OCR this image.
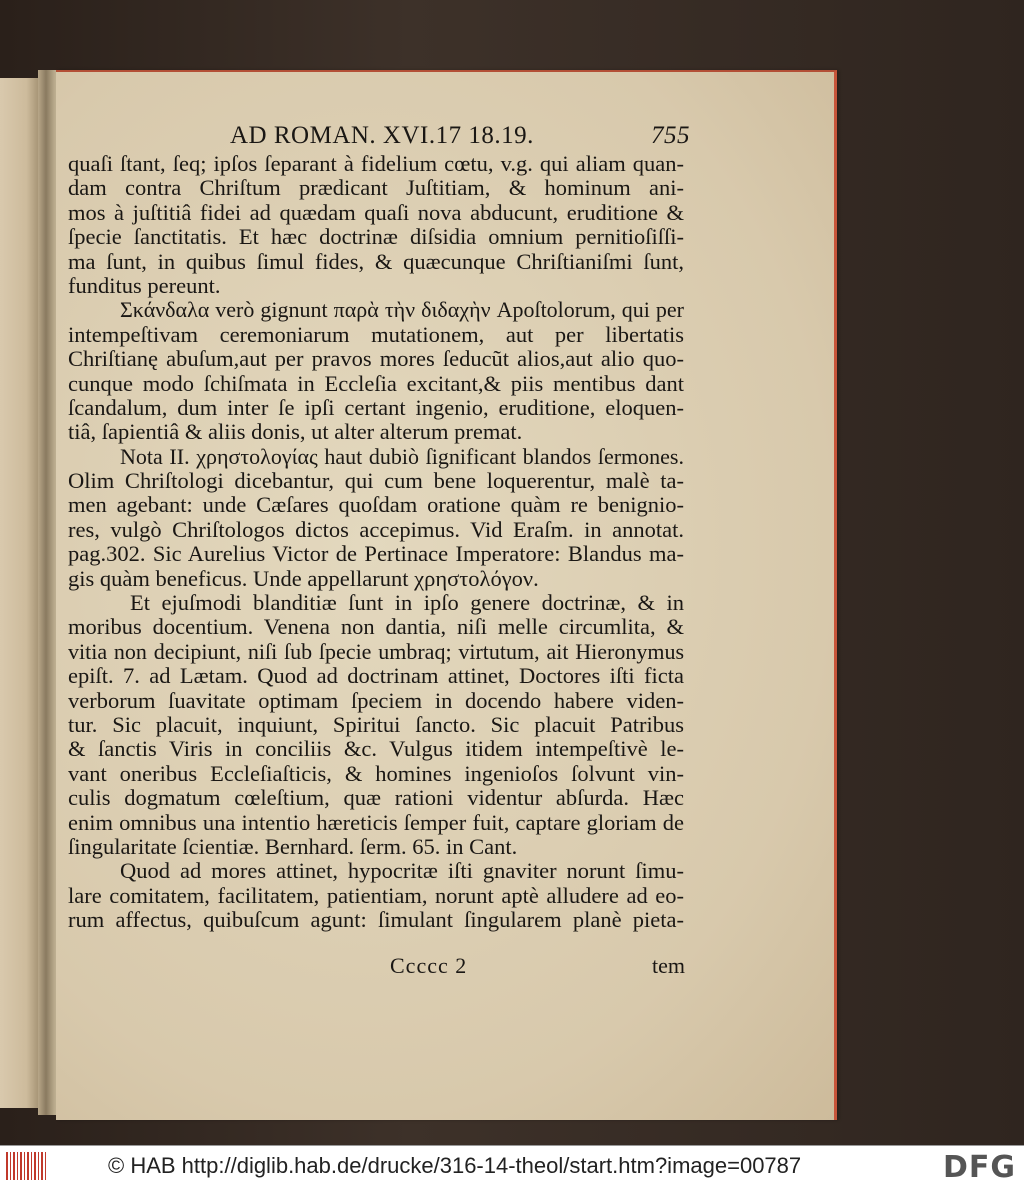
AD ROMAN. XVI.17 18.19.	755
quaſi ſtant, ſeq; ipſos ſeparant à fidelium cœtu, v.g. qui aliam quan-
dam contra Chriſtum prædicant Juſtitiam, & hominum ani-
mos à juſtitiâ fidei ad quædam quaſi nova abducunt, eruditione &
ſpecie ſanctitatis. Et hæc doctrinæ diſsidia omnium pernitioſiſſi-
ma ſunt, in quibus ſimul fides, & quæcunque Chriſtianiſmi ſunt,
funditus pereunt.
Σκάνδαλα verò gignunt παρὰ τὴν διδαχὴν Apoſtolorum, qui per
intempeſtivam ceremoniarum mutationem, aut per libertatis
Chriſtianę abuſum,aut per pravos mores ſeducũt alios,aut alio quo-
cunque modo ſchiſmata in Eccleſia excitant,& piis mentibus dant
ſcandalum, dum inter ſe ipſi certant ingenio, eruditione, eloquen-
tiâ, ſapientiâ & aliis donis, ut alter alterum premat.
Nota II. χρηστολογίας haut dubiò ſignificant blandos ſermones.
Olim Chriſtologi dicebantur, qui cum bene loquerentur, malè ta-
men agebant: unde Cæſares quoſdam oratione quàm re benignio-
res, vulgò Chriſtologos dictos accepimus. Vid Eraſm. in annotat.
pag.302. Sic Aurelius Victor de Pertinace Imperatore: Blandus ma-
gis quàm beneficus. Unde appellarunt χρηστολόγον.
Et ejuſmodi blanditiæ ſunt in ipſo genere doctrinæ, & in
moribus docentium. Venena non dantia, niſi melle circumlita, &
vitia non decipiunt, niſi ſub ſpecie umbraq; virtutum, ait Hieronymus
epiſt. 7. ad Lætam. Quod ad doctrinam attinet, Doctores iſti ficta
verborum ſuavitate optimam ſpeciem in docendo habere viden-
tur. Sic placuit, inquiunt, Spiritui ſancto. Sic placuit Patribus
& ſanctis Viris in conciliis &c. Vulgus itidem intempeſtivè le-
vant oneribus Eccleſiaſticis, & homines ingenioſos ſolvunt vin-
culis dogmatum cœleſtium, quæ rationi videntur abſurda. Hæc
enim omnibus una intentio hæreticis ſemper fuit, captare gloriam de
ſingularitate ſcientiæ. Bernhard. ſerm. 65. in Cant.
Quod ad mores attinet, hypocritæ iſti gnaviter norunt ſimu-
lare comitatem, facilitatem, patientiam, norunt aptè alludere ad eo-
rum affectus, quibuſcum agunt: ſimulant ſingularem planè pieta-
Ccccc 2	tem
© HAB http://diglib.hab.de/drucke/316-14-theol/start.htm?image=00787	DFG
